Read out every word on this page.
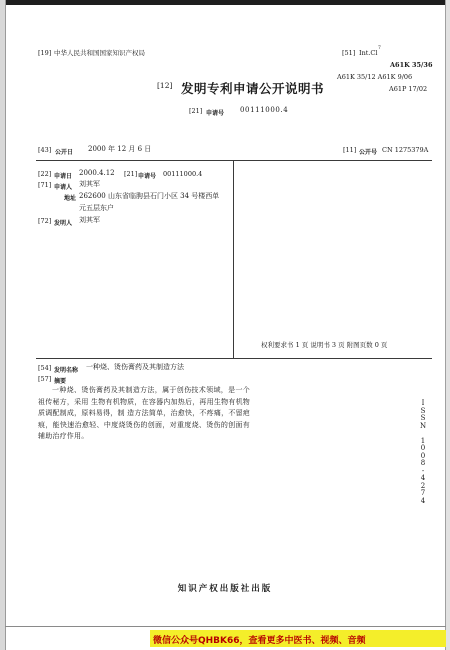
[19] 中华人民共和国国家知识产权局	[51] Int.Cl
7
A61K 35/36
A61K 35/12 A61K 9/06
A61P 17/02
[12] 发明专利申请公开说明书
[21] 申请号 00111000.4
[43] 公开日 2000 年 12 月 6 日	[11] 公开号 CN 1275379A
[22] 申请日 2000.4.12 [21] 申请号 00111000.4
[71] 申请人 刘其军
地址 262600 山东省临朐县石门小区 34 号楼西单
元五层东户
[72] 发明人 刘其军
权利要求书 1 页 说明书 3 页 附图页数 0 页
[54] 发明名称 一种烧、烫伤膏药及其制造方法
[57] 摘要
一种烧、烫伤膏药及其制造方法，属于创伤技术领域，是一个祖传秘方，采用 生物有机物质，在容器内加热后，再用生物有机物质调配制成，原料易得，制 造方法简单，治愈快，不疼痛，不留疤痕，能快速治愈轻、中度烧烫伤的创面，对重度烧、烫伤的创面有辅助治疗作用。
I
S
S
N

1
0
0
8
-
4
2
7
4
知识产权出版社出版
微信公众号QHBK66，查看更多中医书、视频、音频
